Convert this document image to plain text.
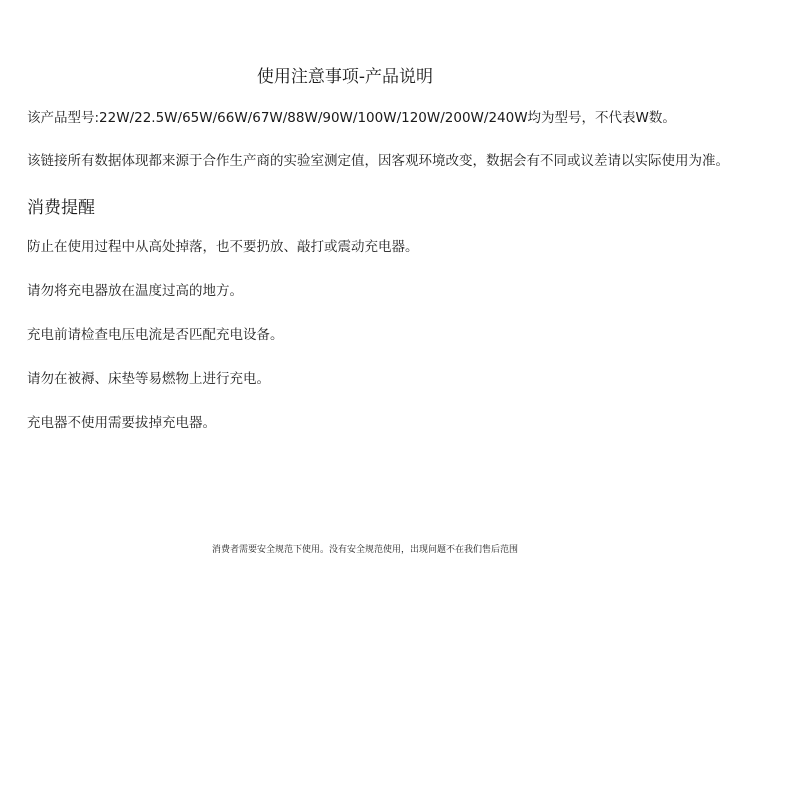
使用注意事项-产品说明

该产品型号:22W/22.5W/65W/66W/67W/88W/90W/100W/120W/200W/240W均为型号，不代表W数。

该链接所有数据体现都来源于合作生产商的实验室测定值，因客观环境改变，数据会有不同或议差请以实际使用为准。

消费提醒
防止在使用过程中从高处掉落，也不要扔放、敲打或震动充电器。
请勿将充电器放在温度过高的地方。
充电前请检查电压电流是否匹配充电设备。
请勿在被褥、床垫等易燃物上进行充电。
充电器不使用需要拔掉充电器。
消费者需要安全规范下使用。没有安全规范使用，出现问题不在我们售后范围
